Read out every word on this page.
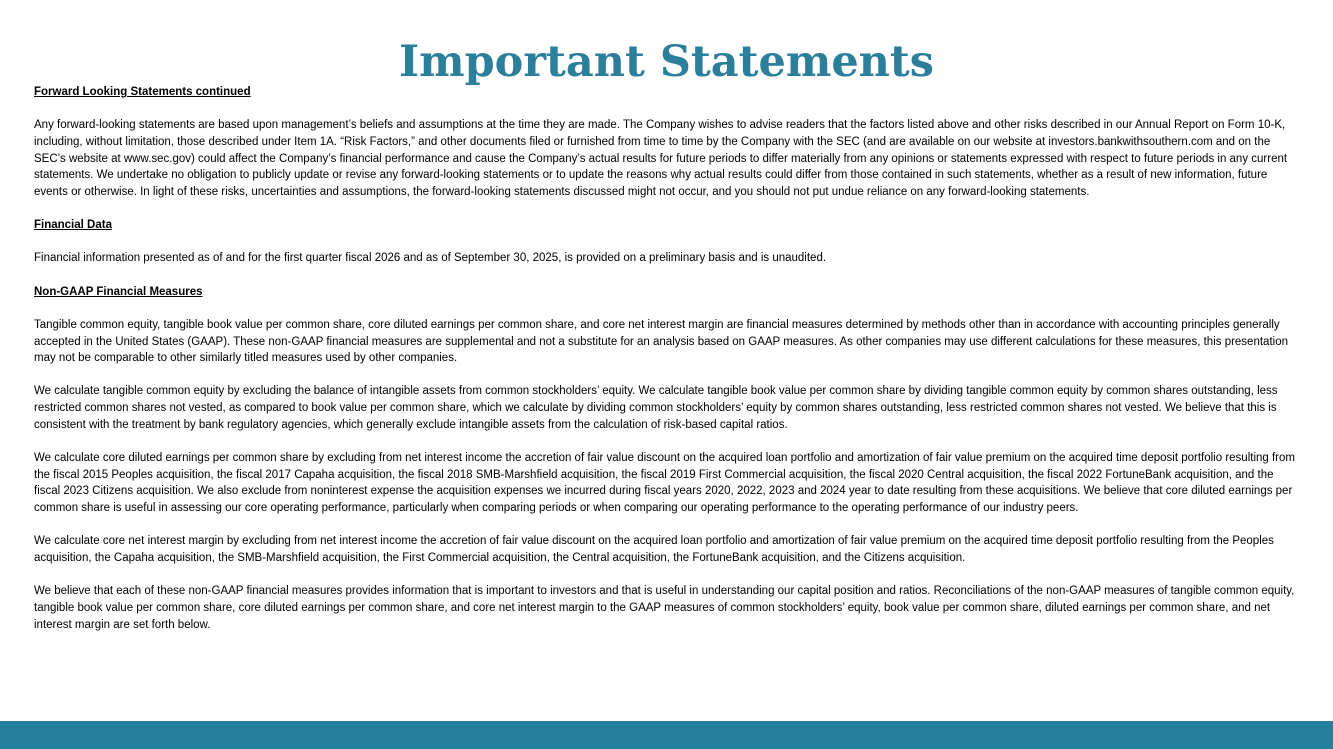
Important Statements

Forward Looking Statements continued

Any forward-looking statements are based upon management’s beliefs and assumptions at the time they are made. The Company wishes to advise readers that the factors listed above and other risks described in our Annual Report on Form 10-K, including, without limitation, those described under Item 1A. “Risk Factors,” and other documents filed or furnished from time to time by the Company with the SEC (and are available on our website at investors.bankwithsouthern.com and on the SEC’s website at www.sec.gov) could affect the Company’s financial performance and cause the Company’s actual results for future periods to differ materially from any opinions or statements expressed with respect to future periods in any current statements. We undertake no obligation to publicly update or revise any forward-looking statements or to update the reasons why actual results could differ from those contained in such statements, whether as a result of new information, future events or otherwise. In light of these risks, uncertainties and assumptions, the forward-looking statements discussed might not occur, and you should not put undue reliance on any forward-looking statements.

Financial Data

Financial information presented as of and for the first quarter fiscal 2026 and as of September 30, 2025, is provided on a preliminary basis and is unaudited.

Non-GAAP Financial Measures

Tangible common equity, tangible book value per common share, core diluted earnings per common share, and core net interest margin are financial measures determined by methods other than in accordance with accounting principles generally accepted in the United States (GAAP). These non-GAAP financial measures are supplemental and not a substitute for an analysis based on GAAP measures. As other companies may use different calculations for these measures, this presentation may not be comparable to other similarly titled measures used by other companies.

We calculate tangible common equity by excluding the balance of intangible assets from common stockholders’ equity. We calculate tangible book value per common share by dividing tangible common equity by common shares outstanding, less restricted common shares not vested, as compared to book value per common share, which we calculate by dividing common stockholders’ equity by common shares outstanding, less restricted common shares not vested. We believe that this is consistent with the treatment by bank regulatory agencies, which generally exclude intangible assets from the calculation of risk-based capital ratios.

We calculate core diluted earnings per common share by excluding from net interest income the accretion of fair value discount on the acquired loan portfolio and amortization of fair value premium on the acquired time deposit portfolio resulting from the fiscal 2015 Peoples acquisition, the fiscal 2017 Capaha acquisition, the fiscal 2018 SMB-Marshfield acquisition, the fiscal 2019 First Commercial acquisition, the fiscal 2020 Central acquisition, the fiscal 2022 FortuneBank acquisition, and the fiscal 2023 Citizens acquisition. We also exclude from noninterest expense the acquisition expenses we incurred during fiscal years 2020, 2022, 2023 and 2024 year to date resulting from these acquisitions. We believe that core diluted earnings per common share is useful in assessing our core operating performance, particularly when comparing periods or when comparing our operating performance to the operating performance of our industry peers.

We calculate core net interest margin by excluding from net interest income the accretion of fair value discount on the acquired loan portfolio and amortization of fair value premium on the acquired time deposit portfolio resulting from the Peoples acquisition, the Capaha acquisition, the SMB-Marshfield acquisition, the First Commercial acquisition, the Central acquisition, the FortuneBank acquisition, and the Citizens acquisition.

We believe that each of these non-GAAP financial measures provides information that is important to investors and that is useful in understanding our capital position and ratios. Reconciliations of the non-GAAP measures of tangible common equity, tangible book value per common share, core diluted earnings per common share, and core net interest margin to the GAAP measures of common stockholders’ equity, book value per common share, diluted earnings per common share, and net interest margin are set forth below.
